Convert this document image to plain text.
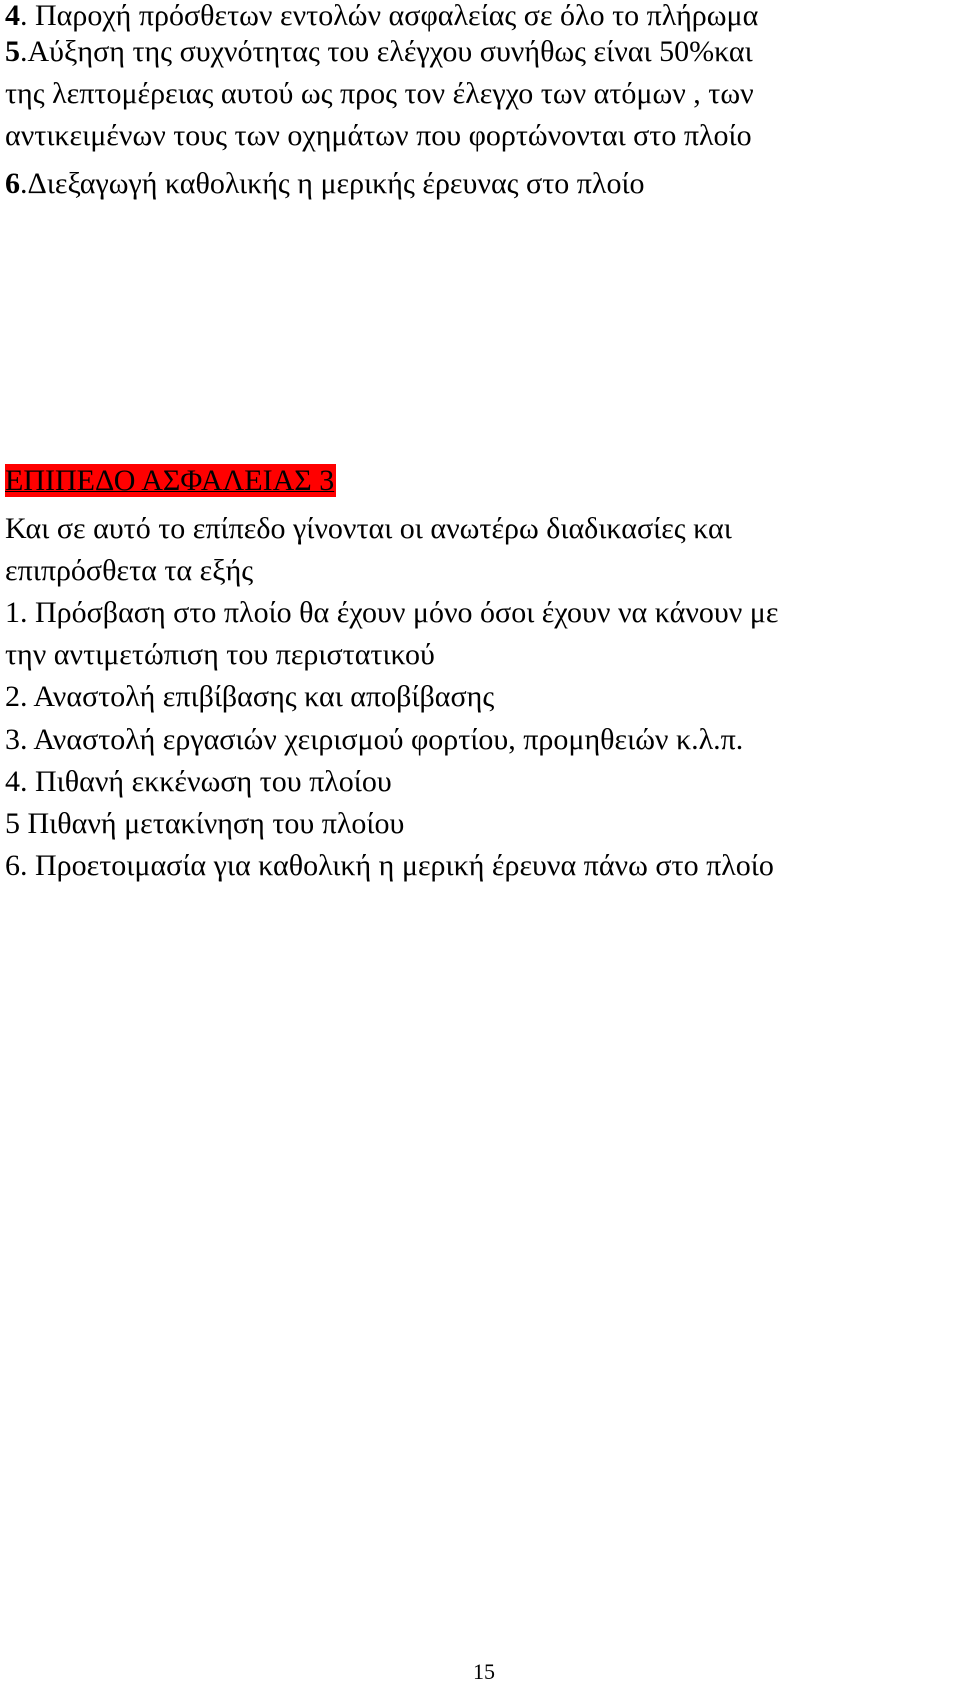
4. Παροχή πρόσθετων εντολών ασφαλείας σε όλο το πλήρωμα
5.Αύξηση της συχνότητας του ελέγχου συνήθως είναι 50%και
της λεπτομέρειας αυτού ως προς τον έλεγχο των ατόμων , των
αντικειμένων τους των οχημάτων που φορτώνονται στο πλοίο
6.Διεξαγωγή καθολικής η μερικής έρευνας στο πλοίο
ΕΠΙΠΕΔΟ ΑΣΦΑΛΕΙΑΣ 3
Και σε αυτό το επίπεδο γίνονται οι ανωτέρω διαδικασίες και
επιπρόσθετα τα εξής
1. Πρόσβαση στο πλοίο θα έχουν μόνο όσοι έχουν να κάνουν με
την αντιμετώπιση του περιστατικού
2. Αναστολή επιβίβασης και αποβίβασης
3. Αναστολή εργασιών χειρισμού φορτίου, προμηθειών κ.λ.π.
4. Πιθανή εκκένωση του πλοίου
5 Πιθανή μετακίνηση του πλοίου
6. Προετοιμασία για καθολική η μερική έρευνα πάνω στο πλοίο
15
